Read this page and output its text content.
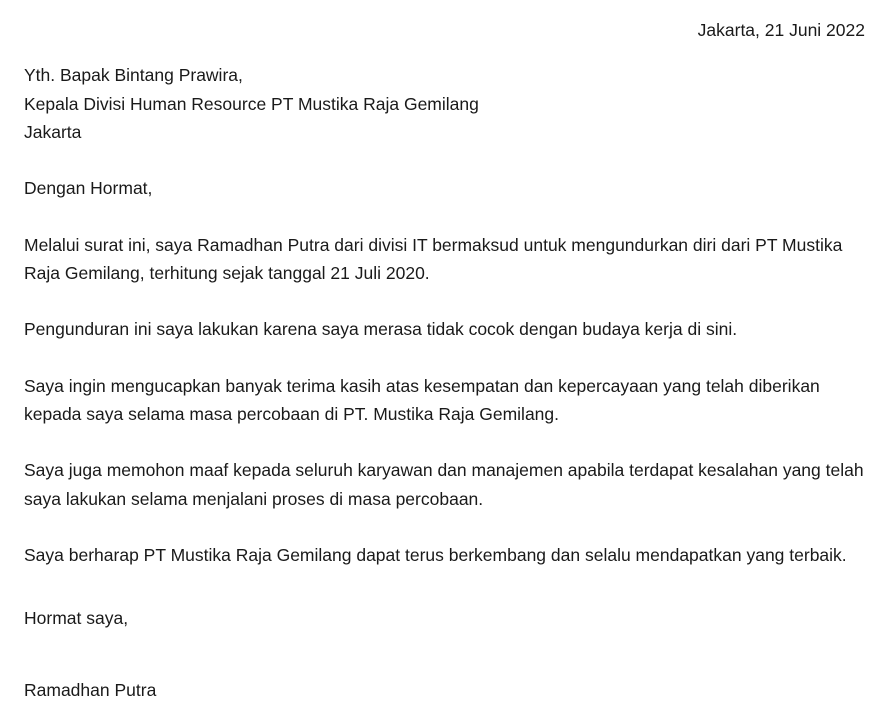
Jakarta, 21 Juni 2022
Yth. Bapak Bintang Prawira,
Kepala Divisi Human Resource PT Mustika Raja Gemilang
Jakarta
Dengan Hormat,

Melalui surat ini, saya Ramadhan Putra dari divisi IT bermaksud untuk mengundurkan diri dari PT Mustika Raja Gemilang, terhitung sejak tanggal 21 Juli 2020.

Pengunduran ini saya lakukan karena saya merasa tidak cocok dengan budaya kerja di sini.

Saya ingin mengucapkan banyak terima kasih atas kesempatan dan kepercayaan yang telah diberikan kepada saya selama masa percobaan di PT. Mustika Raja Gemilang.

Saya juga memohon maaf kepada seluruh karyawan dan manajemen apabila terdapat kesalahan yang telah saya lakukan selama menjalani proses di masa percobaan.

Saya berharap PT Mustika Raja Gemilang dapat terus berkembang dan selalu mendapatkan yang terbaik.

Hormat saya,
Ramadhan Putra
